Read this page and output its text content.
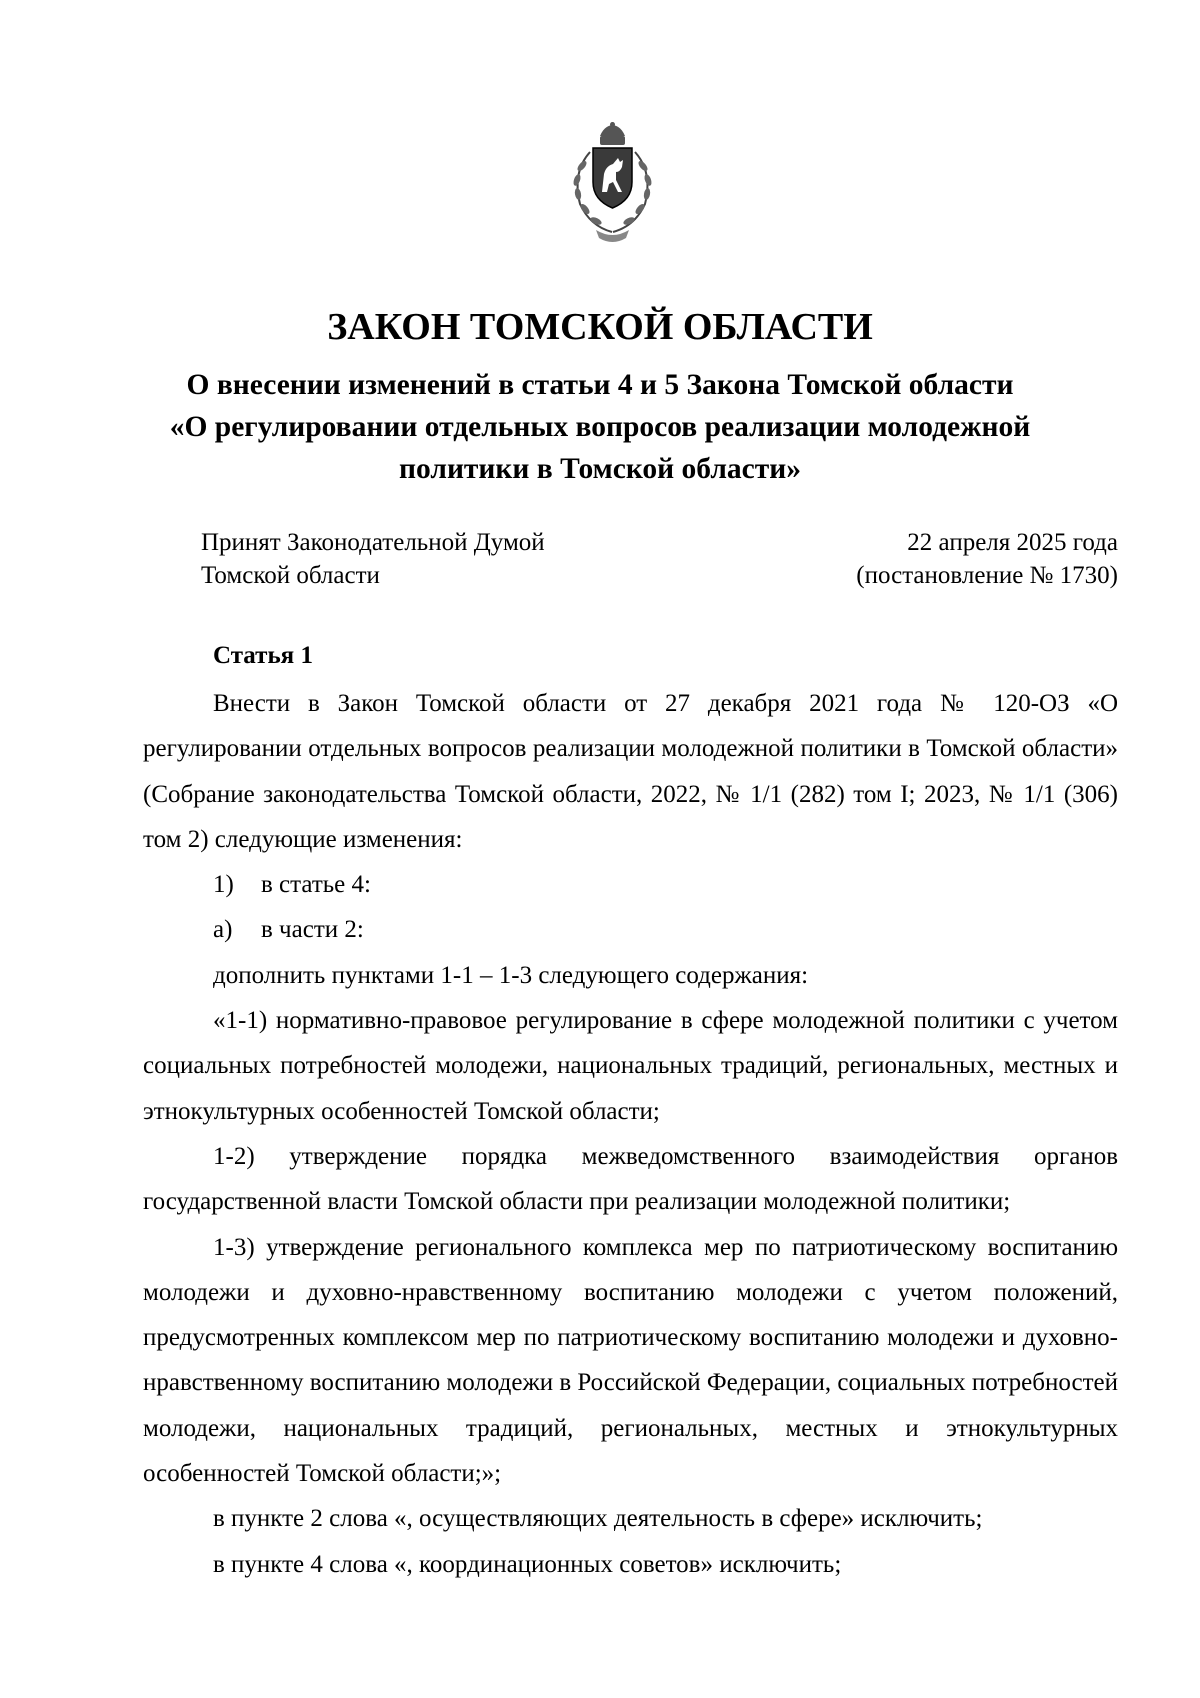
ЗАКОН ТОМСКОЙ ОБЛАСТИ
О внесении изменений в статьи 4 и 5 Закона Томской области
«О регулировании отдельных вопросов реализации молодежной
политики в Томской области»
Принят Законодательной Думой
Томской области
22 апреля 2025 года
(постановление № 1730)
Статья 1

Внести в Закон Томской области от 27 декабря 2021 года № 120-ОЗ «О регулировании отдельных вопросов реализации молодежной политики в Томской области» (Собрание законодательства Томской области, 2022, № 1/1 (282) том I; 2023, № 1/1 (306) том 2) следующие изменения:

1) в статье 4:

а) в части 2:

дополнить пунктами 1-1 – 1-3 следующего содержания:

«1-1) нормативно-правовое регулирование в сфере молодежной политики с учетом социальных потребностей молодежи, национальных традиций, региональных, местных и этнокультурных особенностей Томской области;

1-2) утверждение порядка межведомственного взаимодействия органов государственной власти Томской области при реализации молодежной политики;

1-3) утверждение регионального комплекса мер по патриотическому воспитанию молодежи и духовно-нравственному воспитанию молодежи с учетом положений, предусмотренных комплексом мер по патриотическому воспитанию молодежи и духовно-нравственному воспитанию молодежи в Российской Федерации, социальных потребностей молодежи, национальных традиций, региональных, местных и этнокультурных особенностей Томской области;»;

в пункте 2 слова «, осуществляющих деятельность в сфере» исключить;

в пункте 4 слова «, координационных советов» исключить;
